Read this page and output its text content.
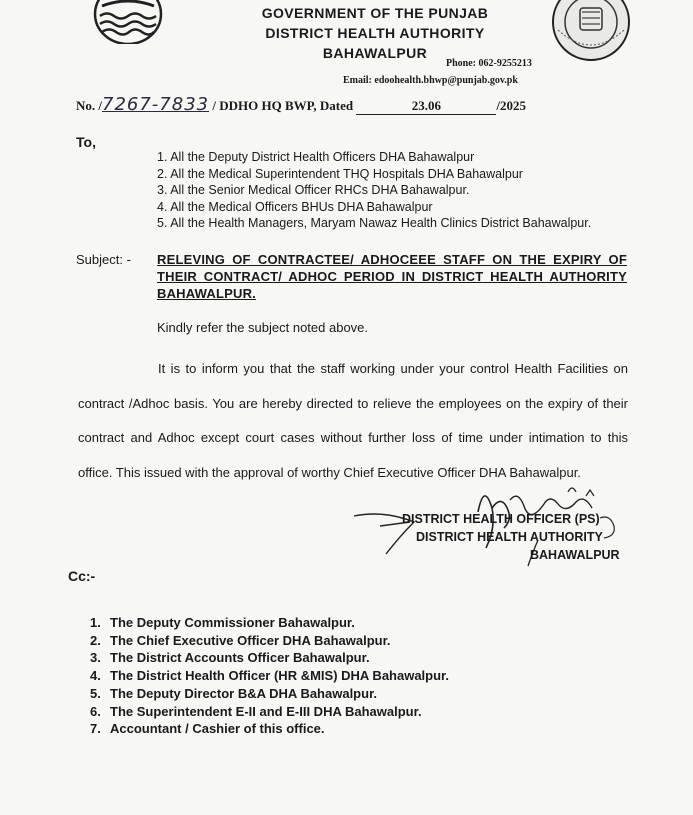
GOVERNMENT OF THE PUNJAB
DISTRICT HEALTH AUTHORITY
BAHAWALPUR
Phone: 062-9255213
Email: edoohealth.bhwp@punjab.gov.pk
No. /7267-7833 / DDHO HQ BWP, Dated	23.06	/2025
To,
1. All the Deputy District Health Officers DHA Bahawalpur
2. All the Medical Superintendent THQ Hospitals DHA Bahawalpur
3. All the Senior Medical Officer RHCs DHA Bahawalpur.
4. All the Medical Officers BHUs DHA Bahawalpur
5. All the Health Managers, Maryam Nawaz Health Clinics District Bahawalpur.
Subject: - RELEVING OF CONTRACTEE/ ADHOCEEE STAFF ON THE EXPIRY OF THEIR CONTRACT/ ADHOC PERIOD IN DISTRICT HEALTH AUTHORITY BAHAWALPUR.
Kindly refer the subject noted above.
It is to inform you that the staff working under your control Health Facilities on contract /Adhoc basis. You are hereby directed to relieve the employees on the expiry of their contract and Adhoc except court cases without further loss of time under intimation to this office. This issued with the approval of worthy Chief Executive Officer DHA Bahawalpur.
DISTRICT HEALTH OFFICER (PS)
DISTRICT HEALTH AUTHORITY
BAHAWALPUR
Cc:-
1. The Deputy Commissioner Bahawalpur.
2. The Chief Executive Officer DHA Bahawalpur.
3. The District Accounts Officer Bahawalpur.
4. The District Health Officer (HR &MIS) DHA Bahawalpur.
5. The Deputy Director B&A DHA Bahawalpur.
6. The Superintendent E-II and E-III DHA Bahawalpur.
7. Accountant / Cashier of this office.
